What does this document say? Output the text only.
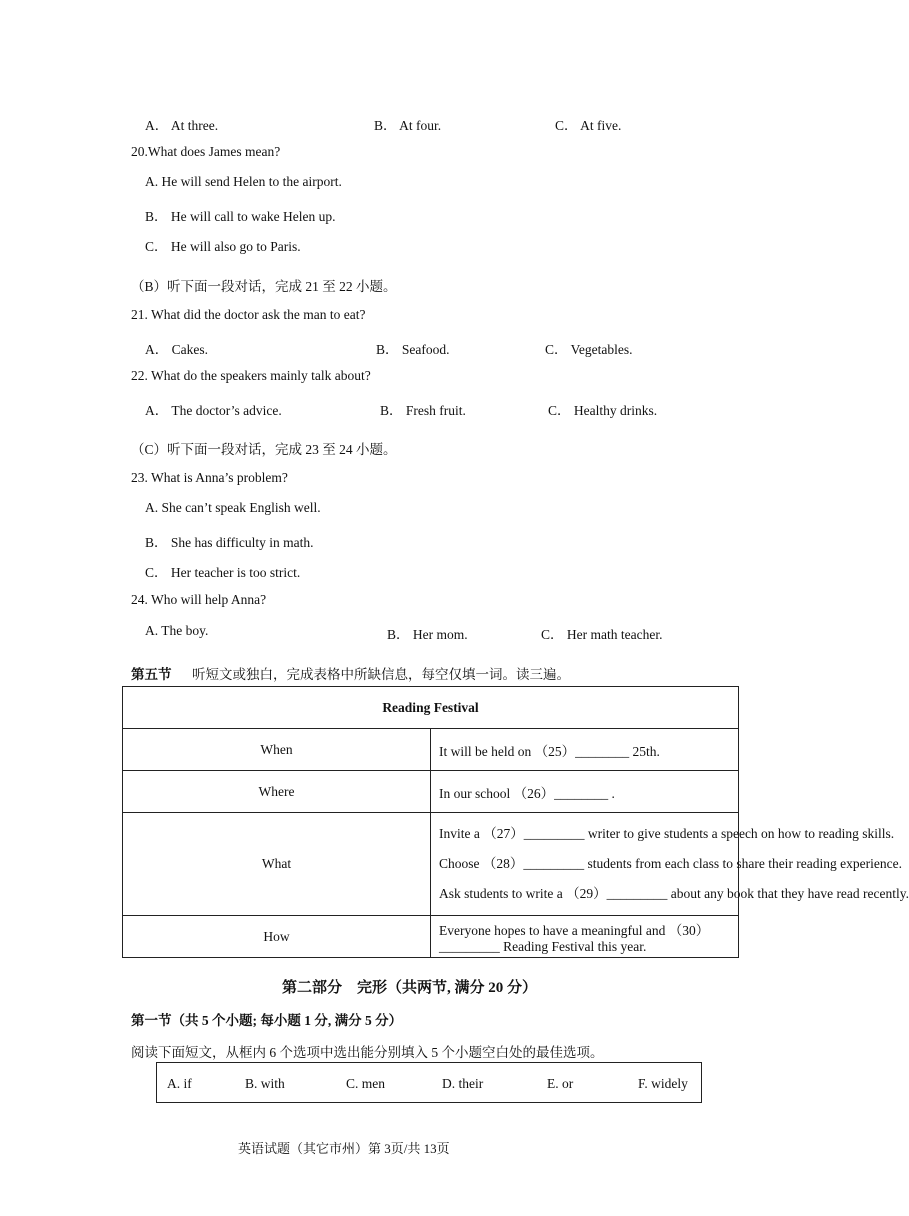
A． At three.	B． At four.	C． At five.
20.What does James mean?
A. He will send Helen to the airport.
B． He will call to wake Helen up.
C． He will also go to Paris.
（B）听下面一段对话，完成 21 至 22 小题。
21. What did the doctor ask the man to eat?
A． Cakes.	B． Seafood.	C． Vegetables.
22. What do the speakers mainly talk about?
A． The doctor’s advice.	B． Fresh fruit.	C． Healthy drinks.
（C）听下面一段对话，完成 23 至 24 小题。
23. What is Anna’s problem?
A. She can’t speak English well.
B． She has difficulty in math.
C． Her teacher is too strict.
24. Who will help Anna?
A. The boy.	B． Her mom.	C． Her math teacher.
第五节 听短文或独白，完成表格中所缺信息，每空仅填一词。读三遍。
Reading Festival	
When	It will be held on （25）________ 25th.
Where	In our school （26）________ .
What	Invite a （27）_________ writer to give students a speech on how to reading skills.
Choose （28）_________ students from each class to share their reading experience.
Ask students to write a （29）_________ about any book that they have read recently.

How	Everyone hopes to have a meaningful and （30）_________ Reading Festival this year.
第二部分　完形（共两节, 满分 20 分）
第一节（共 5 个小题; 每小题 1 分, 满分 5 分）
阅读下面短文，从框内 6 个选项中选出能分别填入 5 个小题空白处的最佳选项。
A. if	B. with	C. men	D. their	E. or	F. widely
英语试题（其它市州）第 3页/共 13页
